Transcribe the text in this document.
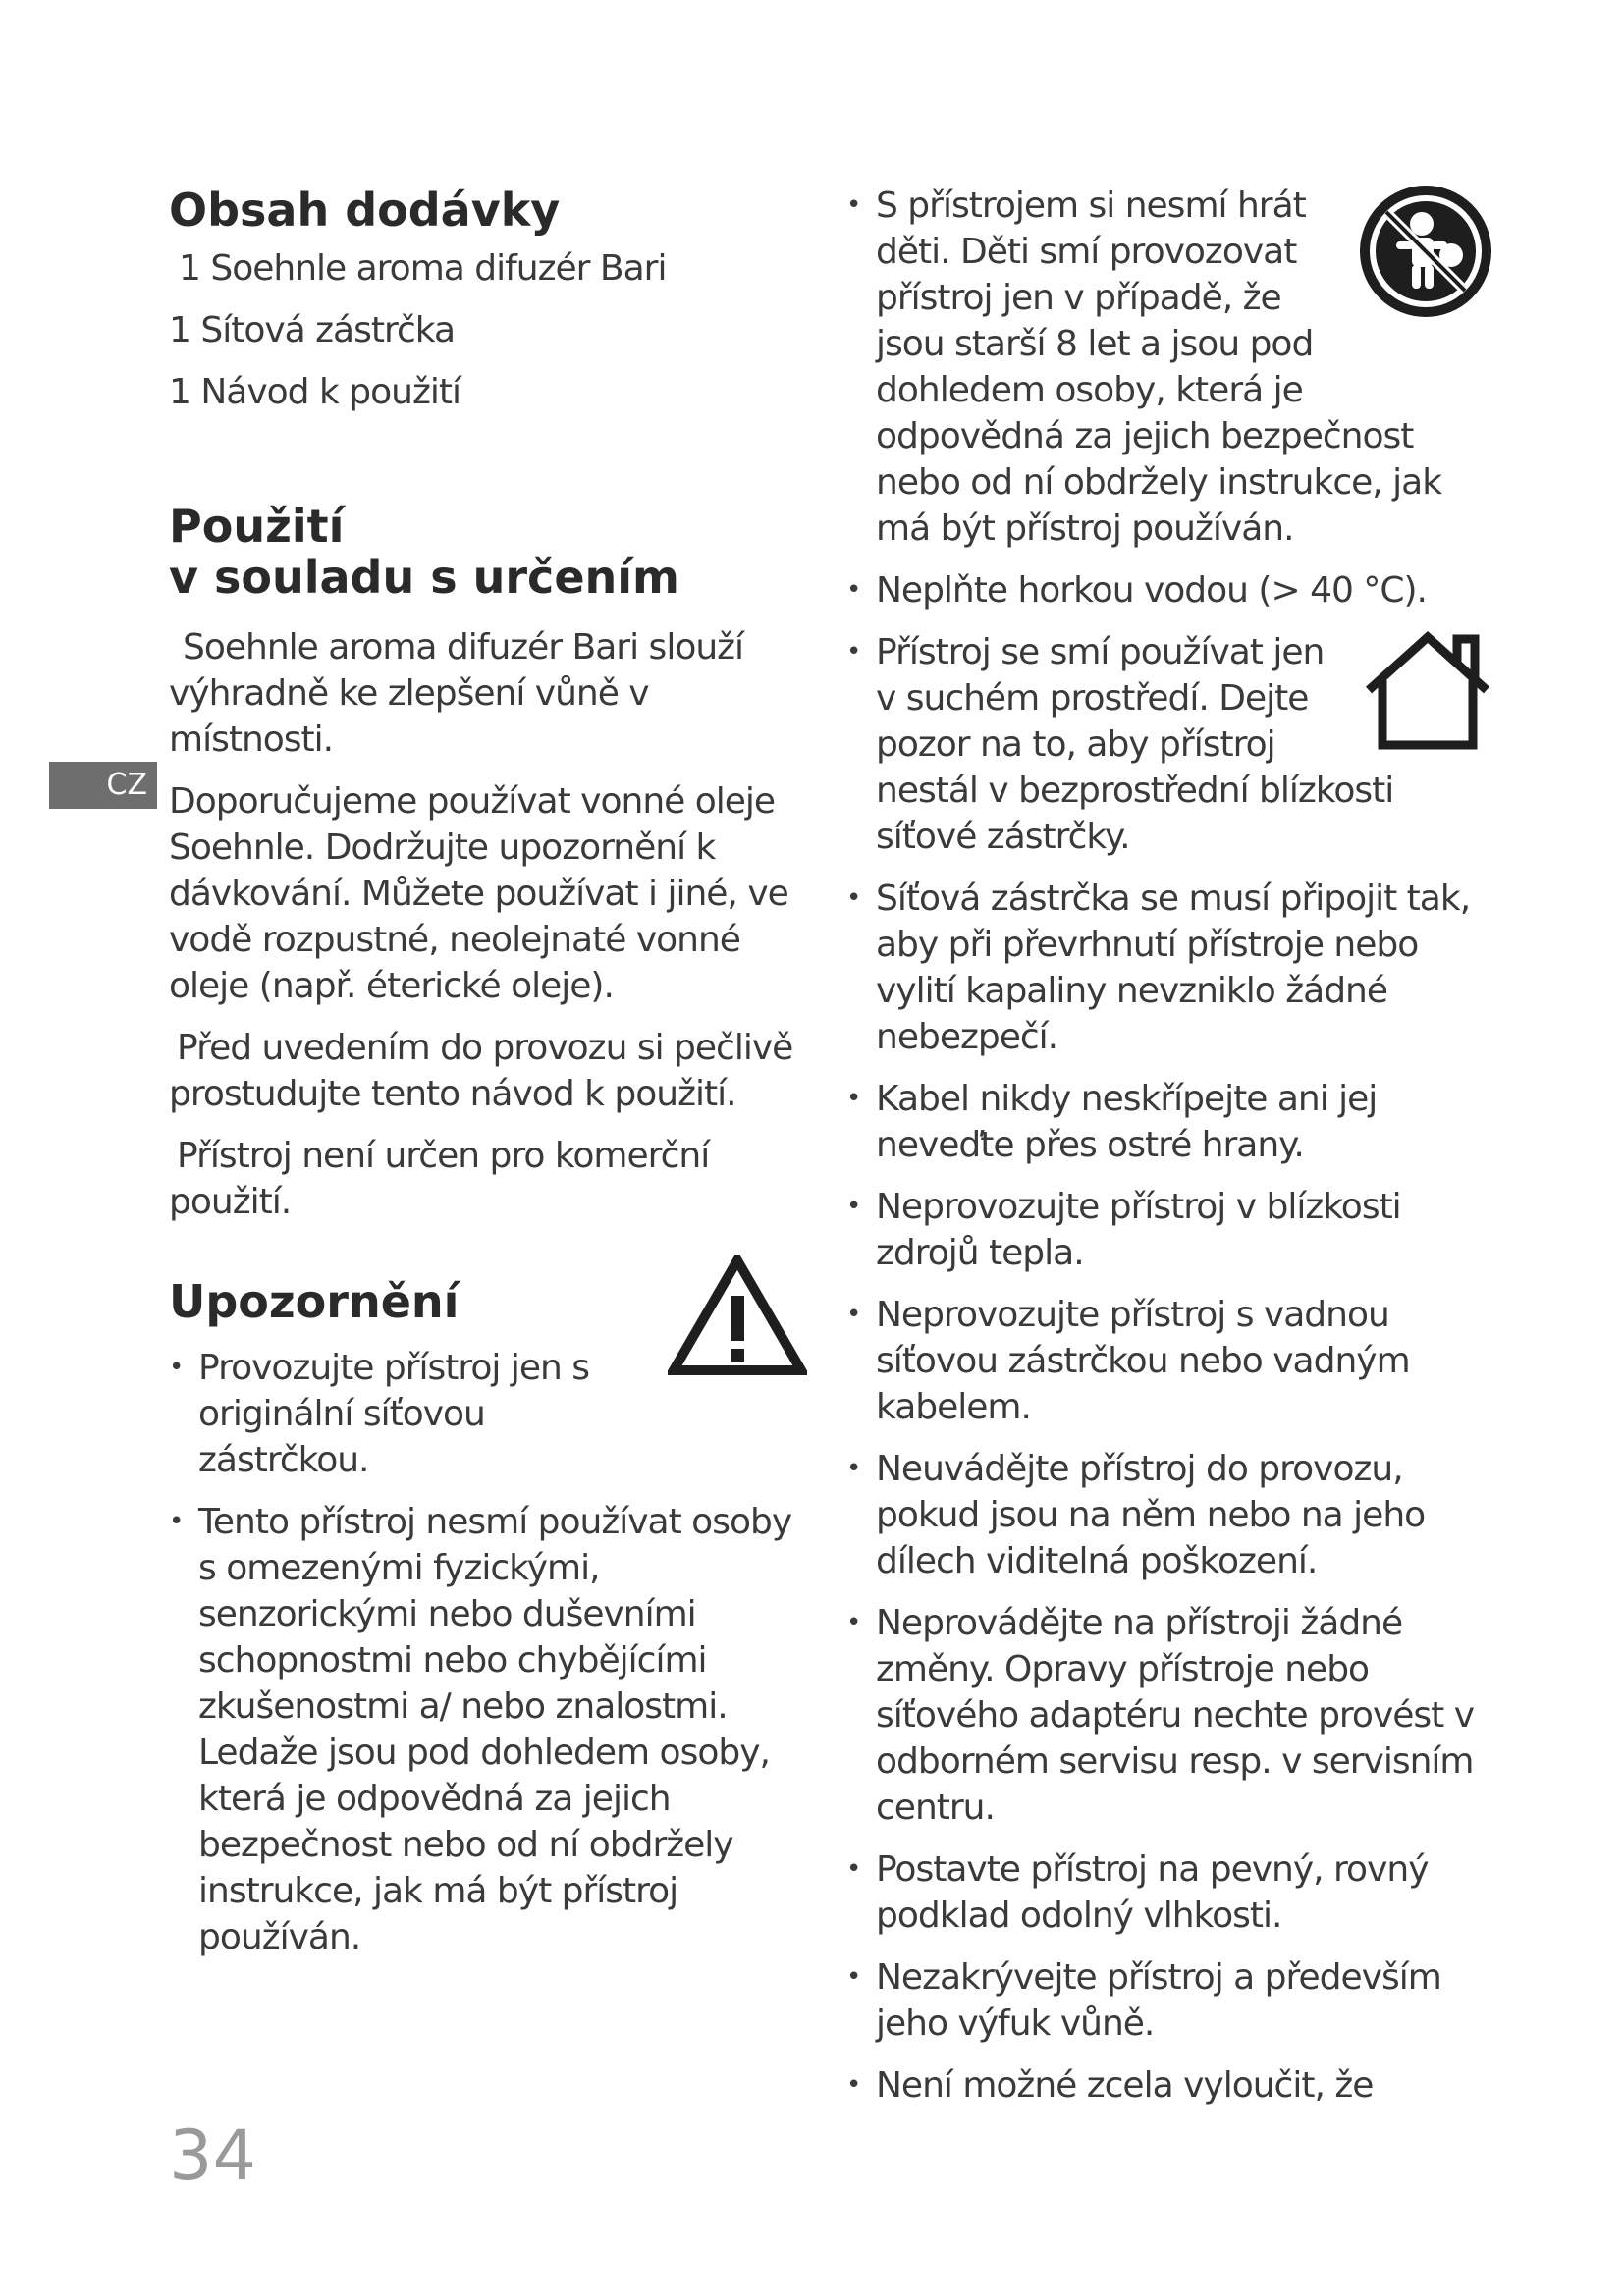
Obsah dodávky

1 Soehnle aroma difuzér Bari

1 Sítová zástrčka

1 Návod k použití

Použití
v souladu s určením

Soehnle aroma difuzér Bari slouží výhradně ke zlepšení vůně v místnosti.

Doporučujeme používat vonné oleje Soehnle. Dodržujte upozornění k dávkování. Můžete používat i jiné, ve vodě rozpustné, neolejnaté vonné oleje (např. éterické oleje).

Před uvedením do provozu si pečlivě prostudujte tento návod k použití.

Přístroj není určen pro komerční použití.

Upozornění
• Provozujte přístroj jen s originální síťovou zástrčkou.
• Tento přístroj nesmí používat osoby s omezenými fyzickými, senzorickými nebo duševními schopnostmi nebo chybějícími zkušenostmi a/ nebo znalostmi. Ledaže jsou pod dohledem osoby, která je odpovědná za jejich bezpečnost nebo od ní obdržely instrukce, jak má být přístroj používán.
• S přístrojem si nesmí hrát děti. Děti smí provozovat přístroj jen v případě, že jsou starší 8 let a jsou pod dohledem osoby, která je odpovědná za jejich bezpečnost nebo od ní obdržely instrukce, jak má být přístroj používán.
• Neplňte horkou vodou (> 40 °C).
• Přístroj se smí používat jen v suchém prostředí. Dejte pozor na to, aby přístroj nestál v bezprostřední blízkosti síťové zástrčky.
• Síťová zástrčka se musí připojit tak, aby při převrhnutí přístroje nebo vylití kapaliny nevzniklo žádné nebezpečí.
• Kabel nikdy neskřípejte ani jej neveďte přes ostré hrany.
• Neprovozujte přístroj v blízkosti zdrojů tepla.
• Neprovozujte přístroj s vadnou síťovou zástrčkou nebo vadným kabelem.
• Neuvádějte přístroj do provozu, pokud jsou na něm nebo na jeho dílech viditelná poškození.
• Neprovádějte na přístroji žádné změny. Opravy přístroje nebo síťového adaptéru nechte provést v odborném servisu resp. v servisním centru.
• Postavte přístroj na pevný, rovný podklad odolný vlhkosti.
• Nezakrývejte přístroj a především jeho výfuk vůně.
• Není možné zcela vyloučit, že
CZ
34
